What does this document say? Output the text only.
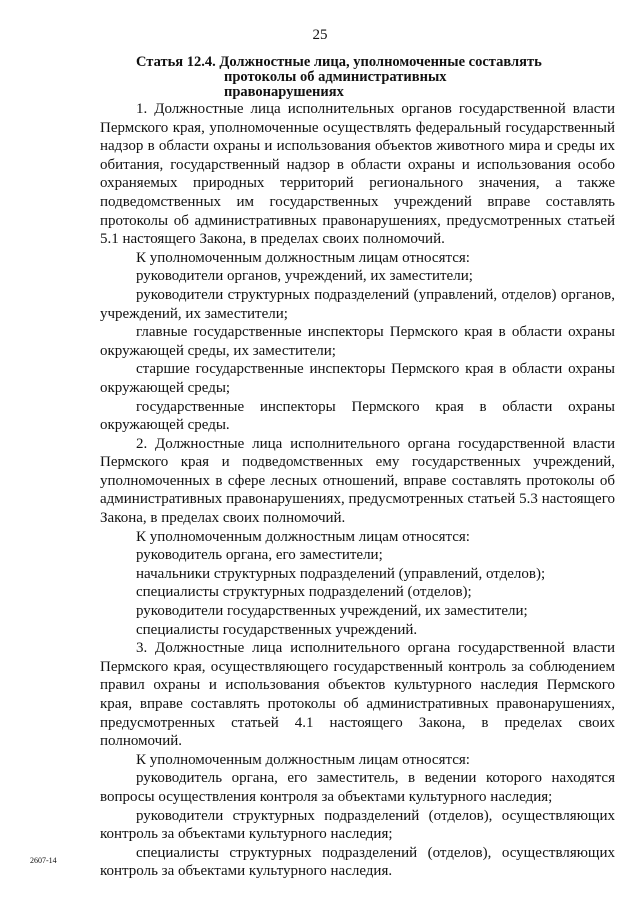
25
Статья 12.4. Должностные лица, уполномоченные составлять
протоколы об административных правонарушениях

1. Должностные лица исполнительных органов государственной власти Пермского края, уполномоченные осуществлять федеральный государственный надзор в области охраны и использования объектов животного мира и среды их обитания, государственный надзор в области охраны и использования особо охраняемых природных территорий регионального значения, а также подведомственных им государственных учреждений вправе составлять протоколы об административных правонарушениях, предусмотренных статьей 5.1 настоящего Закона, в пределах своих полномочий.

К уполномоченным должностным лицам относятся:

руководители органов, учреждений, их заместители;

руководители структурных подразделений (управлений, отделов) органов, учреждений, их заместители;

главные государственные инспекторы Пермского края в области охраны окружающей среды, их заместители;

старшие государственные инспекторы Пермского края в области охраны окружающей среды;

государственные инспекторы Пермского края в области охраны окружающей среды.

2. Должностные лица исполнительного органа государственной власти Пермского края и подведомственных ему государственных учреждений, уполномоченных в сфере лесных отношений, вправе составлять протоколы об административных правонарушениях, предусмотренных статьей 5.3 настоящего Закона, в пределах своих полномочий.

К уполномоченным должностным лицам относятся:

руководитель органа, его заместители;

начальники структурных подразделений (управлений, отделов);

специалисты структурных подразделений (отделов);

руководители государственных учреждений, их заместители;

специалисты государственных учреждений.

3. Должностные лица исполнительного органа государственной власти Пермского края, осуществляющего государственный контроль за соблюдением правил охраны и использования объектов культурного наследия Пермского края, вправе составлять протоколы об административных правонарушениях, предусмотренных статьей 4.1 настоящего Закона, в пределах своих полномочий.

К уполномоченным должностным лицам относятся:

руководитель органа, его заместитель, в ведении которого находятся вопросы осуществления контроля за объектами культурного наследия;

руководители структурных подразделений (отделов), осуществляющих контроль за объектами культурного наследия;

специалисты структурных подразделений (отделов), осуществляющих контроль за объектами культурного наследия.

2607-14
